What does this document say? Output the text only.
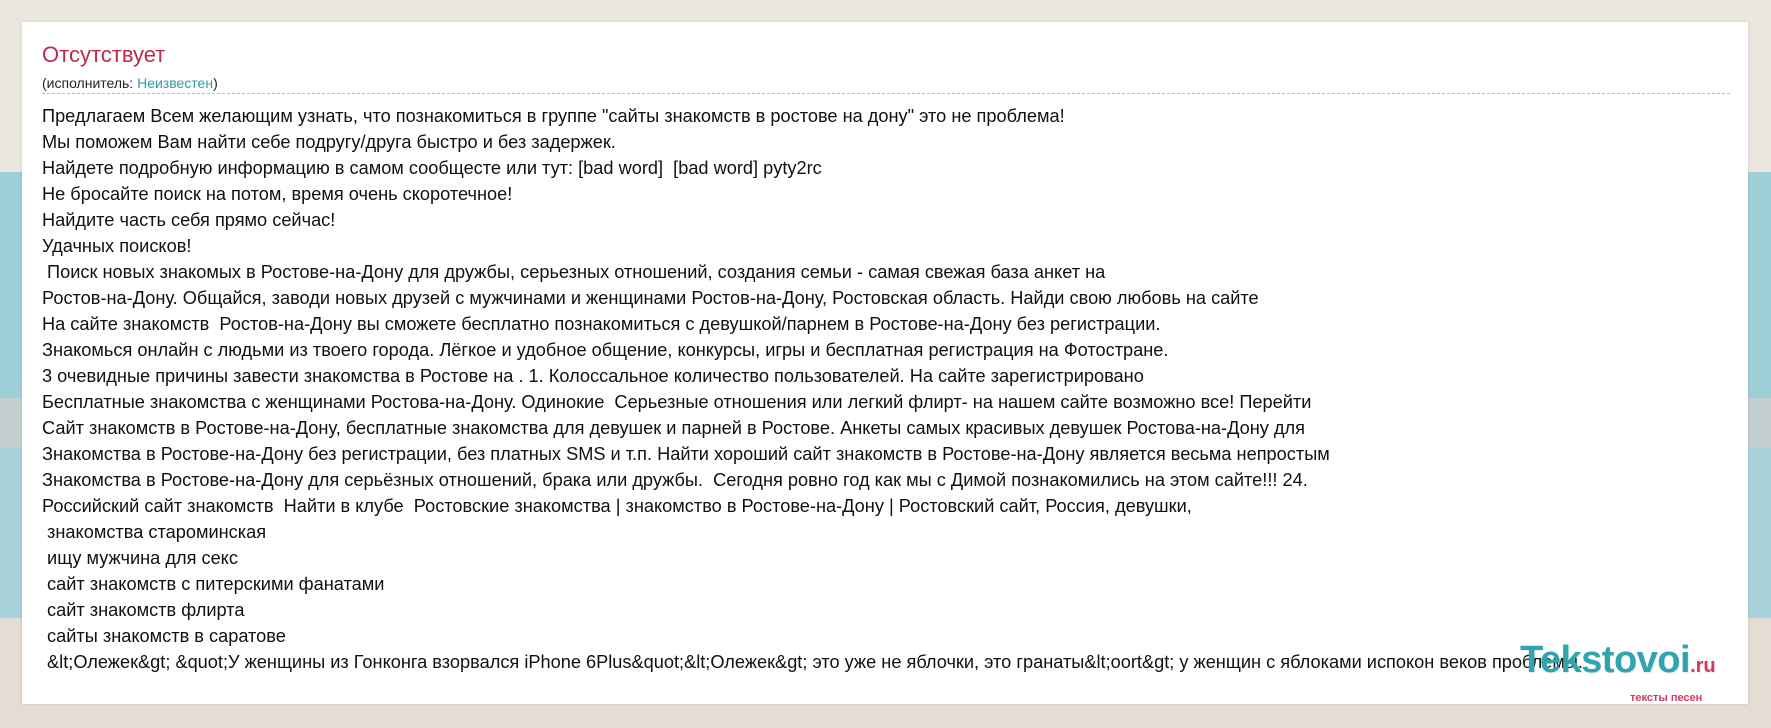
Отсутствует
(исполнитель: Неизвестен)
Предлагаем Всем желающим узнать, что познакомиться в группе "сайты знакомств в ростове на дону" это не проблема!
Мы поможем Вам найти себе подругу/друга быстро и без задержек.
Найдете подробную информацию в самом сообщесте или тут: [bad word]  [bad word] pyty2rc
Не бросайте поиск на потом, время очень скоротечное!
Найдите часть себя прямо сейчас!
Удачных поисков!
Поиск новых знакомых в Ростове-на-Дону для дружбы, серьезных отношений, создания семьи - самая свежая база анкет на
Ростов-на-Дону. Общайся, заводи новых друзей с мужчинами и женщинами Ростов-на-Дону, Ростовская область. Найди свою любовь на сайте
На сайте знакомств  Ростов-на-Дону вы сможете бесплатно познакомиться с девушкой/парнем в Ростове-на-Дону без регистрации.
Знакомься онлайн с людьми из твоего города. Лёгкое и удобное общение, конкурсы, игры и бесплатная регистрация на Фотостране.
3 очевидные причины завести знакомства в Ростове на . 1. Колоссальное количество пользователей. На сайте зарегистрировано
Бесплатные знакомства с женщинами Ростова-на-Дону. Одинокие  Серьезные отношения или легкий флирт- на нашем сайте возможно все! Перейти
Сайт знакомств в Ростове-на-Дону, бесплатные знакомства для девушек и парней в Ростове. Анкеты самых красивых девушек Ростова-на-Дону для
Знакомства в Ростове-на-Дону без регистрации, без платных SMS и т.п. Найти хороший сайт знакомств в Ростове-на-Дону является весьма непростым
Знакомства в Ростове-на-Дону для серьёзных отношений, брака или дружбы.  Сегодня ровно год как мы с Димой познакомились на этом сайте!!! 24.
Российский сайт знакомств  Найти в клубе  Ростовские знакомства | знакомство в Ростове-на-Дону | Ростовский сайт, Россия, девушки,
знакомства староминская
ищу мужчина для секс
сайт знакомств с питерскими фанатами
сайт знакомств флирта
сайты знакомств в саратове
&lt;Олежек&gt; &quot;У женщины из Гонконга взорвался iPhone 6Plus&quot;&lt;Олежек&gt; это уже не яблочки, это гранаты&lt;oort&gt; у женщин с яблоками испокон веков проблемы.
Tekstovoi.ru
тексты песен
